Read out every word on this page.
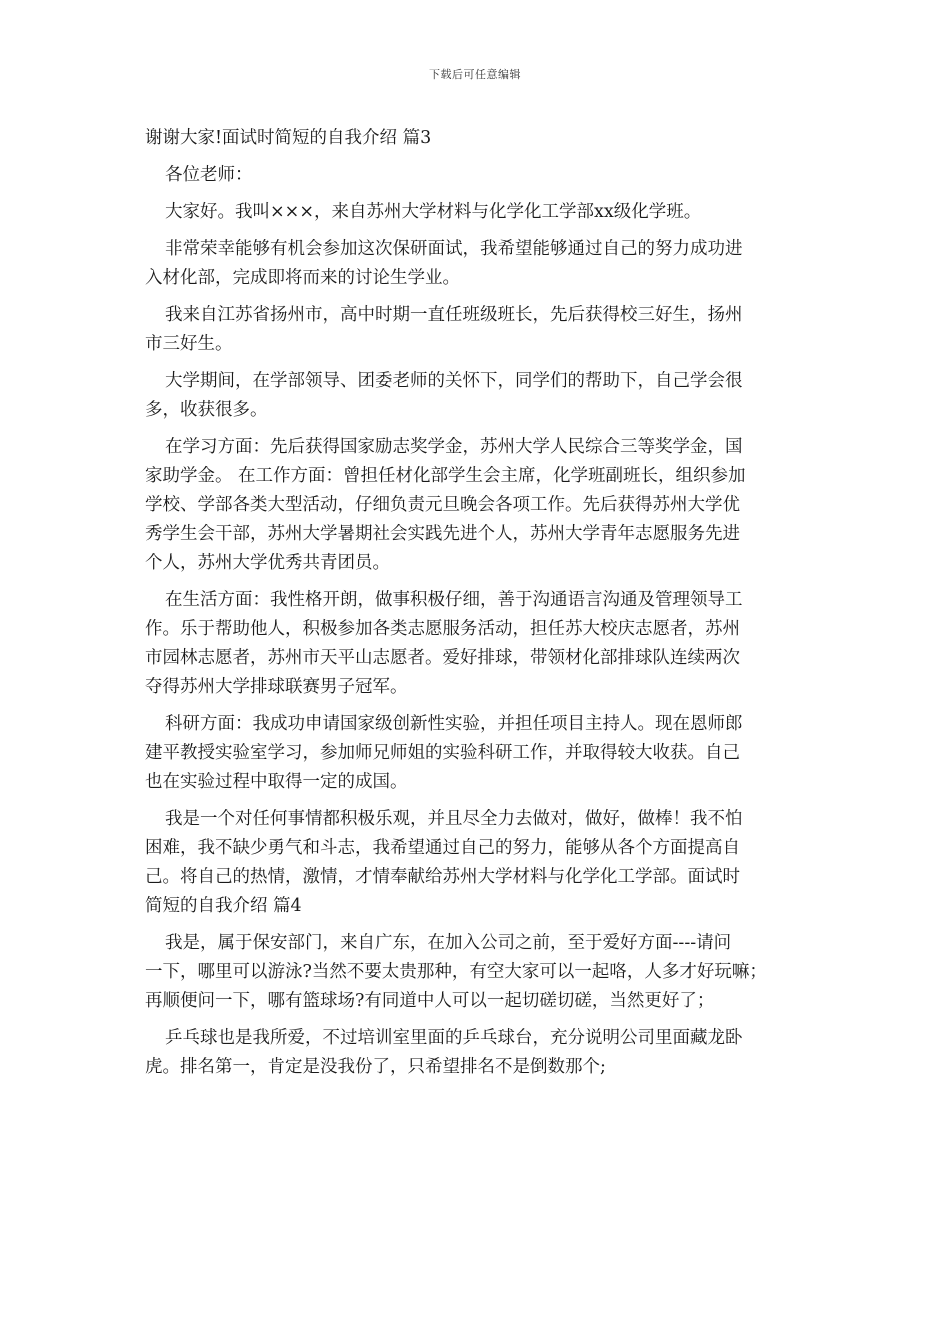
下载后可任意编辑

谢谢大家!面试时简短的自我介绍 篇3

各位老师：

大家好。我叫×××，来自苏州大学材料与化学化工学部xx级化学班。

非常荣幸能够有机会参加这次保研面试，我希望能够通过自己的努力成功进

入材化部，完成即将而来的讨论生学业。

我来自江苏省扬州市，高中时期一直任班级班长，先后获得校三好生，扬州

市三好生。

大学期间，在学部领导、团委老师的关怀下，同学们的帮助下，自己学会很

多，收获很多。

在学习方面：先后获得国家励志奖学金，苏州大学人民综合三等奖学金，国

家助学金。 在工作方面：曾担任材化部学生会主席，化学班副班长，组织参加

学校、学部各类大型活动，仔细负责元旦晚会各项工作。先后获得苏州大学优

秀学生会干部，苏州大学暑期社会实践先进个人，苏州大学青年志愿服务先进

个人，苏州大学优秀共青团员。

在生活方面：我性格开朗，做事积极仔细，善于沟通语言沟通及管理领导工

作。乐于帮助他人，积极参加各类志愿服务活动，担任苏大校庆志愿者，苏州

市园林志愿者，苏州市天平山志愿者。爱好排球，带领材化部排球队连续两次

夺得苏州大学排球联赛男子冠军。

科研方面：我成功申请国家级创新性实验，并担任项目主持人。现在恩师郎

建平教授实验室学习，参加师兄师姐的实验科研工作，并取得较大收获。自己

也在实验过程中取得一定的成国。

我是一个对任何事情都积极乐观，并且尽全力去做对，做好，做棒！我不怕

困难，我不缺少勇气和斗志，我希望通过自己的努力，能够从各个方面提高自

己。将自己的热情，激情，才情奉献给苏州大学材料与化学化工学部。面试时

简短的自我介绍 篇4

我是，属于保安部门，来自广东，在加入公司之前，至于爱好方面----请问

一下，哪里可以游泳?当然不要太贵那种，有空大家可以一起咯，人多才好玩嘛；

再顺便问一下，哪有篮球场?有同道中人可以一起切磋切磋，当然更好了；

乒乓球也是我所爱，不过培训室里面的乒乓球台，充分说明公司里面藏龙卧

虎。排名第一，肯定是没我份了，只希望排名不是倒数那个;
